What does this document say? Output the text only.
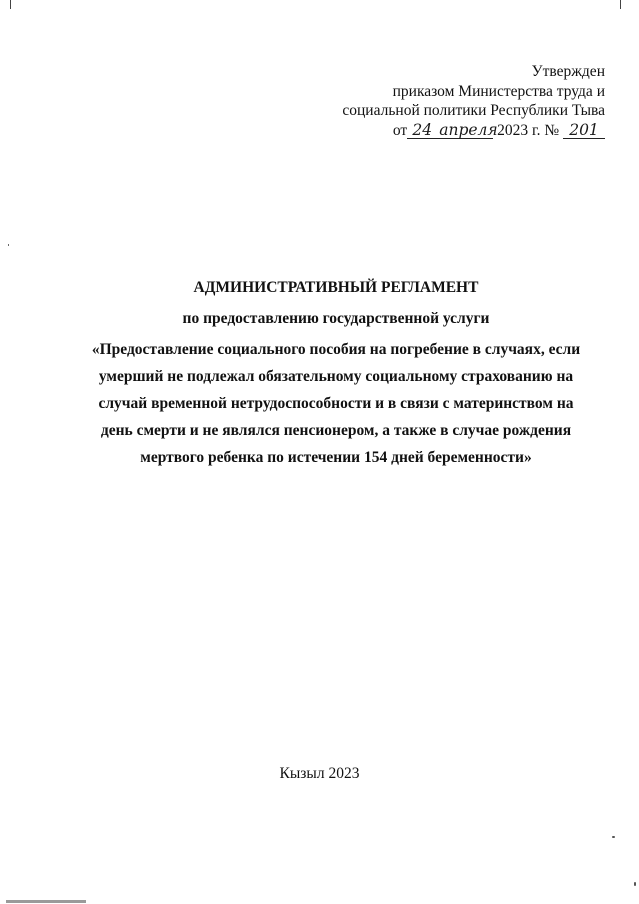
Утвержден
приказом Министерства труда и
социальной политики Республики Тыва
от 24 апреля 2023 г. № 201
АДМИНИСТРАТИВНЫЙ РЕГЛАМЕНТ
по предоставлению государственной услуги
«Предоставление социального пособия на погребение в случаях, если умерший не подлежал обязательному социальному страхованию на случай временной нетрудоспособности и в связи с материнством на день смерти и не являлся пенсионером, а также в случае рождения мертвого ребенка по истечении 154 дней беременности»
Кызыл 2023
